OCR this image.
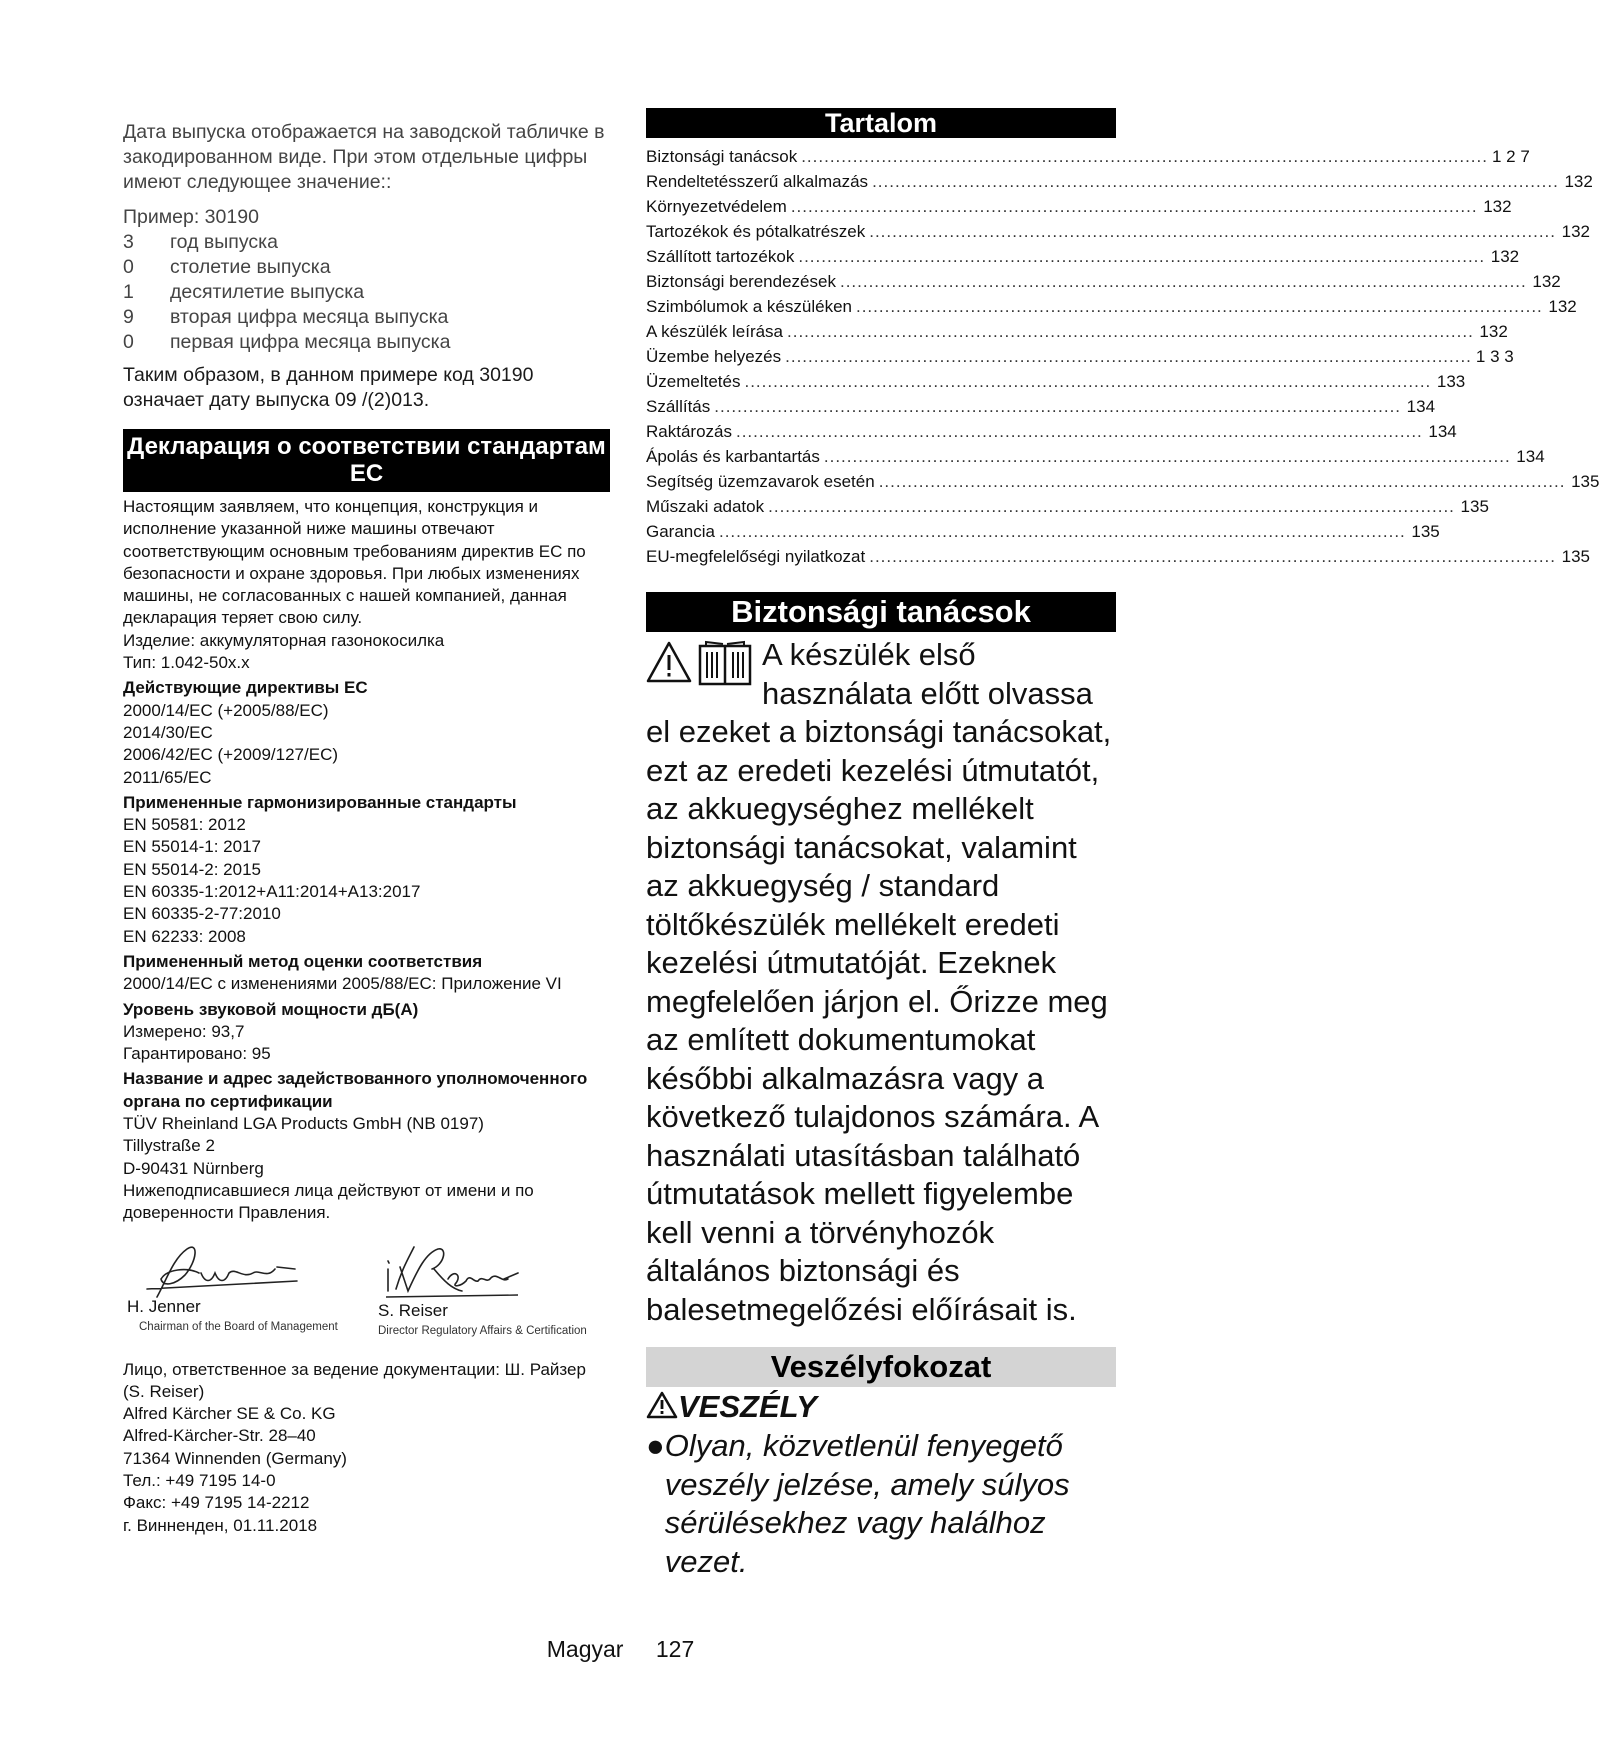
Дата выпуска отображается на заводской табличке в закодированном виде. При этом отдельные цифры имеют следующее значение::

Пример: 30190
3	год выпуска
0	столетие выпуска
1	десятилетие выпуска
9	вторая цифра месяца выпуска
0	первая цифра месяца выпуска
Таким образом, в данном примере код 30190 означает дату выпуска 09 /(2)013.
Декларация о соответствии стандартам ЕС
Настоящим заявляем, что концепция, конструкция и исполнение указанной ниже машины отвечают соответствующим основным требованиям директив ЕС по безопасности и охране здоровья. При любых изменениях машины, не согласованных с нашей компанией, данная декларация теряет свою силу.
Изделие: аккумуляторная газонокосилка
Тип: 1.042-50x.x
Действующие директивы ЕС
2000/14/EC (+2005/88/EC)
2014/30/EC
2006/42/EC (+2009/127/EC)
2011/65/EC
Примененные гармонизированные стандарты
EN 50581: 2012
EN 55014-1: 2017
EN 55014-2: 2015
EN 60335-1:2012+A11:2014+A13:2017
EN 60335-2-77:2010
EN 62233: 2008
Примененный метод оценки соответствия
2000/14/EC с изменениями 2005/88/EC: Приложение VI
Уровень звуковой мощности дБ(A)
Измерено: 93,7
Гарантировано: 95
Название и адрес задействованного уполномоченного органа по сертификации
TÜV Rheinland LGA Products GmbH (NB 0197)
Tillystraße 2
D-90431 Nürnberg
Нижеподписавшиеся лица действуют от имени и по доверенности Правления.
H. Jenner
Chairman of the Board of Management
S. Reiser
Director Regulatory Affairs & Certification
Лицо, ответственное за ведение документации: Ш. Райзер (S. Reiser)
Alfred Kärcher SE & Co. KG
Alfred-Kärcher-Str. 28–40
71364 Winnenden (Germany)
Тел.: +49 7195 14-0
Факс: +49 7195 14-2212
г. Винненден, 01.11.2018
Tartalom
Biztonsági tanácsok ........................................................................................................................ 1 2 7
Rendeltetésszerű alkalmazás ........................................................................................................................ 132
Környezetvédelem ........................................................................................................................ 132
Tartozékok és pótalkatrészek ........................................................................................................................ 132
Szállított tartozékok ........................................................................................................................ 132
Biztonsági berendezések ........................................................................................................................ 132
Szimbólumok a készüléken ........................................................................................................................ 132
A készülék leírása ........................................................................................................................ 132
Üzembe helyezés ........................................................................................................................ 1 3 3
Üzemeltetés ........................................................................................................................ 133
Szállítás ........................................................................................................................ 134
Raktározás ........................................................................................................................ 134
Ápolás és karbantartás ........................................................................................................................ 134
Segítség üzemzavarok esetén ........................................................................................................................ 135
Műszaki adatok ........................................................................................................................ 135
Garancia ........................................................................................................................ 135
EU-megfelelőségi nyilatkozat ........................................................................................................................ 135
Biztonsági tanácsok
A készülék első használata előtt olvassa el ezeket a biztonsági tanácsokat, ezt az eredeti kezelési útmutatót, az akkuegységhez mellékelt biztonsági tanácsokat, valamint az akkuegység / standard töltőkészülék mellékelt eredeti kezelési útmutatóját. Ezeknek megfelelően járjon el. Őrizze meg az említett dokumentumokat későbbi alkalmazásra vagy a következő tulajdonos számára. A használati utasításban található útmutatások mellett figyelembe kell venni a törvényhozók általános biztonsági és balesetmegelőzési előírásait is.
Veszélyfokozat
VESZÉLY
● Olyan, közvetlenül fenyegető veszély jelzése, amely súlyos sérülésekhez vagy halálhoz vezet.
Magyar 127
